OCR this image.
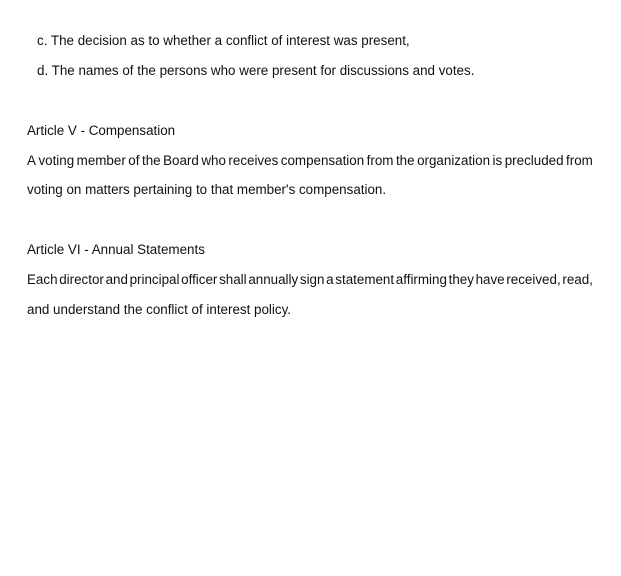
c. The decision as to whether a conflict of interest was present,
d. The names of the persons who were present for discussions and votes.
Article V - Compensation
A voting member of the Board who receives compensation from the organization is precluded from
voting on matters pertaining to that member's compensation.
Article VI - Annual Statements
Each director and principal officer shall annually sign a statement affirming they have received, read,
and understand the conflict of interest policy.
